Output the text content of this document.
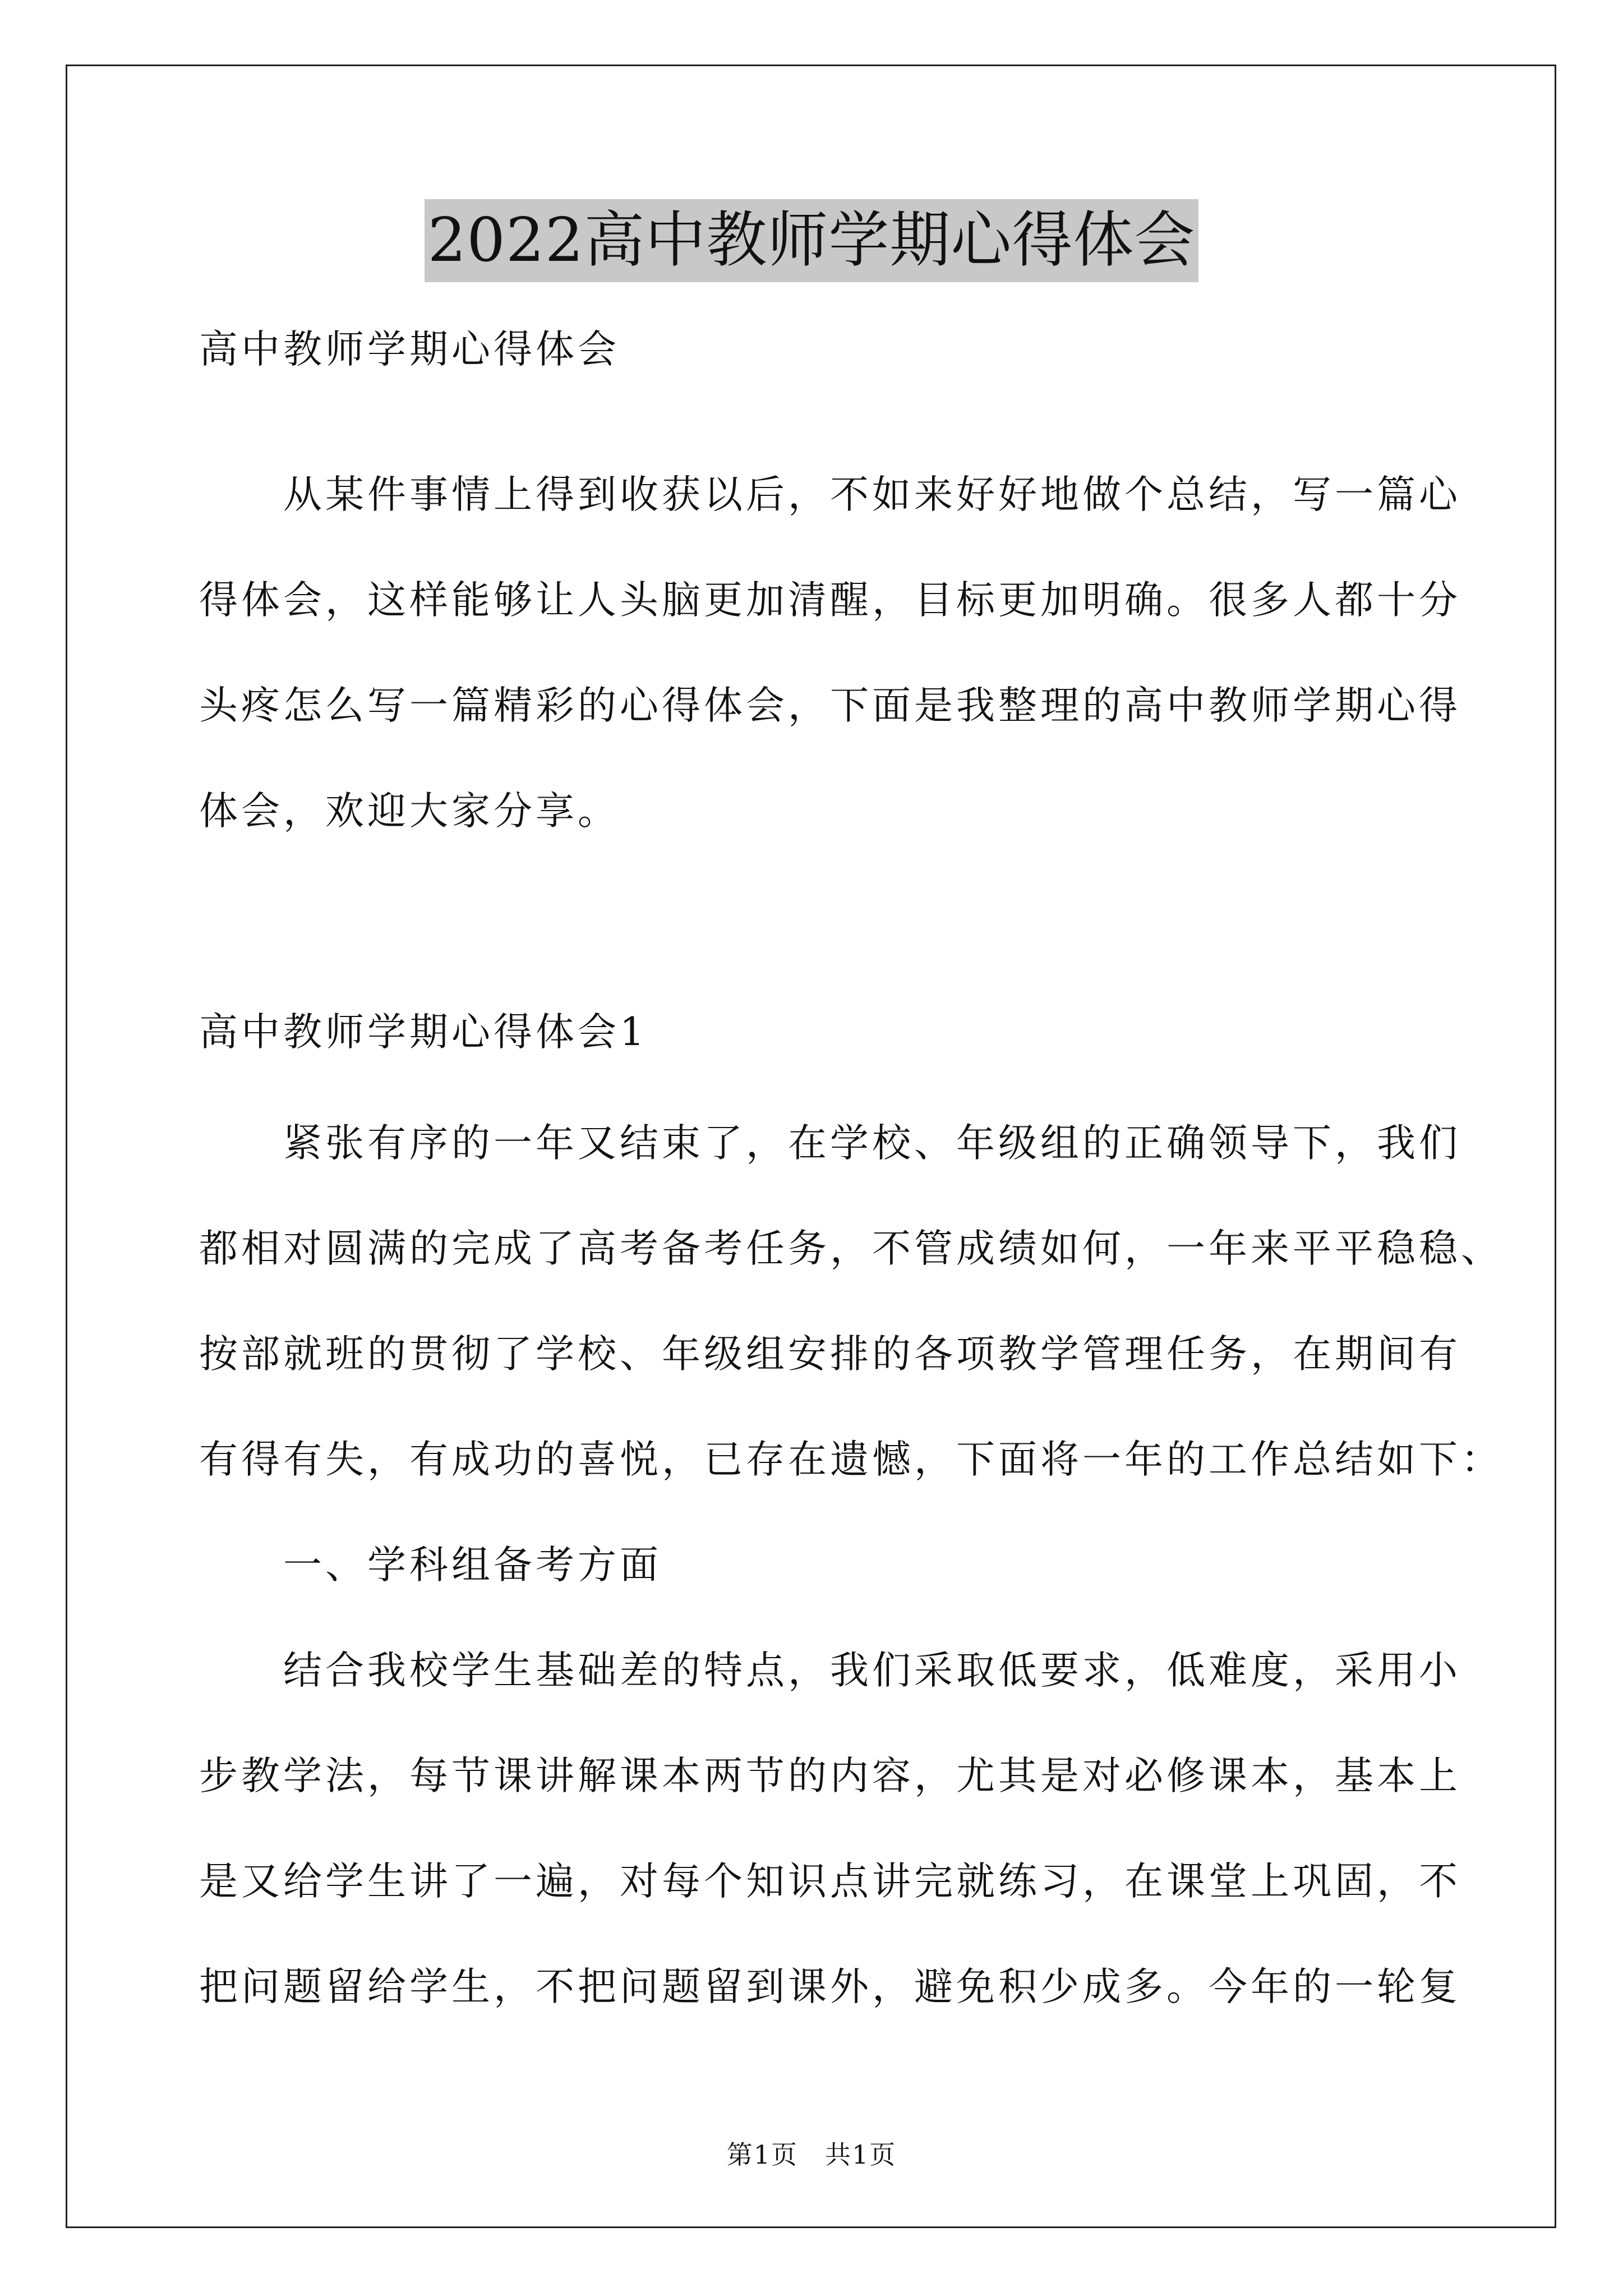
2022高中教师学期心得体会
高中教师学期心得体会
　　从某件事情上得到收获以后，不如来好好地做个总结，写一篇心
得体会，这样能够让人头脑更加清醒，目标更加明确。很多人都十分
头疼怎么写一篇精彩的心得体会，下面是我整理的高中教师学期心得
体会，欢迎大家分享。
高中教师学期心得体会1
　　紧张有序的一年又结束了，在学校、年级组的正确领导下，我们
都相对圆满的完成了高考备考任务，不管成绩如何，一年来平平稳稳、
按部就班的贯彻了学校、年级组安排的各项教学管理任务，在期间有
有得有失，有成功的喜悦，已存在遗憾，下面将一年的工作总结如下：
　　一、学科组备考方面
　　结合我校学生基础差的特点，我们采取低要求，低难度，采用小
步教学法，每节课讲解课本两节的内容，尤其是对必修课本，基本上
是又给学生讲了一遍，对每个知识点讲完就练习，在课堂上巩固，不
把问题留给学生，不把问题留到课外，避免积少成多。今年的一轮复
第1页　共1页
